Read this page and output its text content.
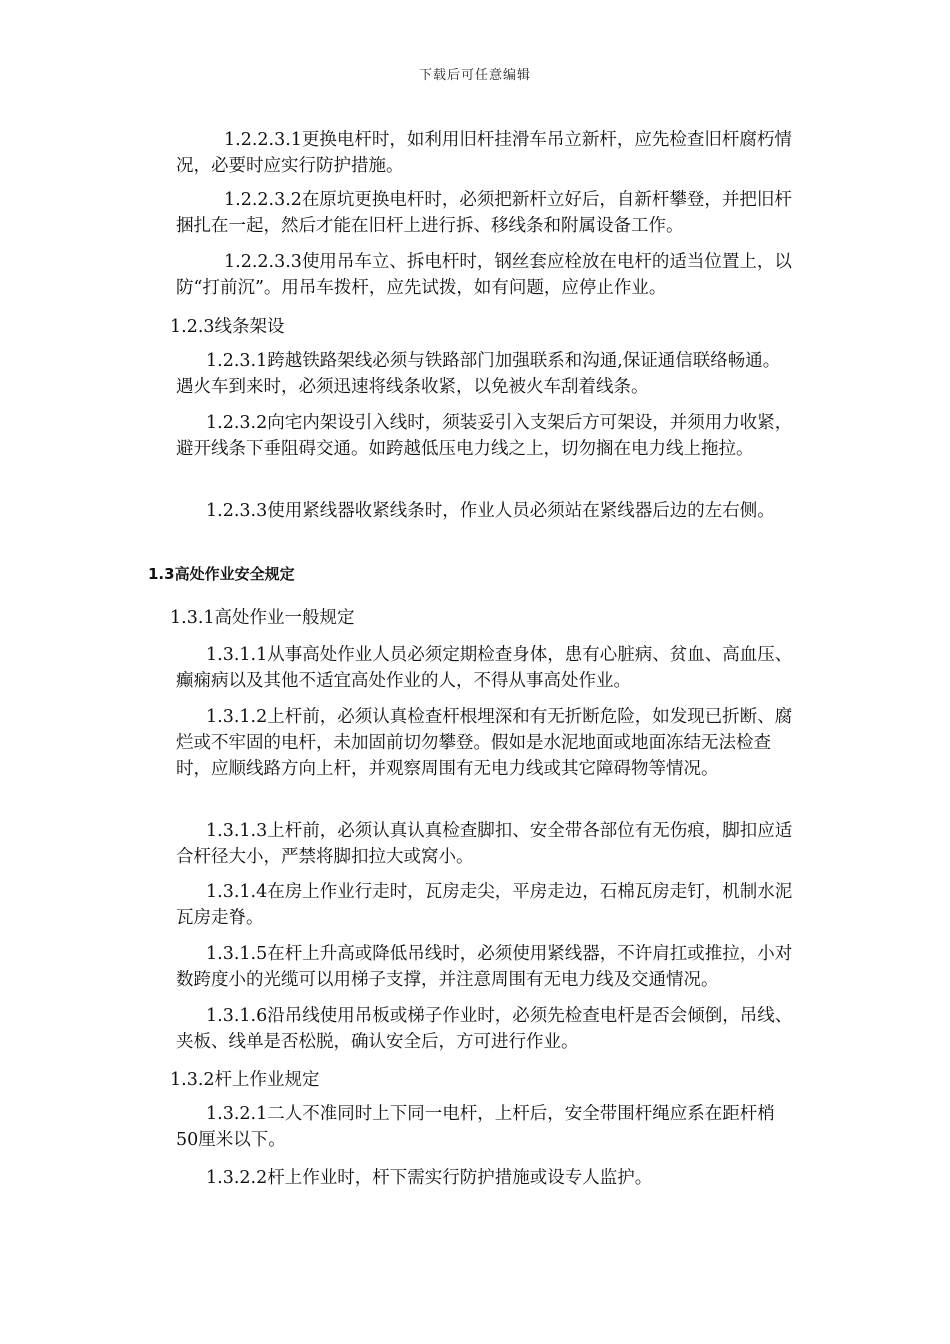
下载后可任意编辑
1.2.2.3.1更换电杆时，如利用旧杆挂滑车吊立新杆，应先检查旧杆腐朽情况，必要时应实行防护措施。
1.2.2.3.2在原坑更换电杆时，必须把新杆立好后，自新杆攀登，并把旧杆捆扎在一起，然后才能在旧杆上进行拆、移线条和附属设备工作。
1.2.2.3.3使用吊车立、拆电杆时，钢丝套应栓放在电杆的适当位置上，以防“打前沉”。用吊车拨杆，应先试拨，如有问题，应停止作业。
1.2.3线条架设
1.2.3.1跨越铁路架线必须与铁路部门加强联系和沟通,保证通信联络畅通。遇火车到来时，必须迅速将线条收紧，以免被火车刮着线条。
1.2.3.2向宅内架设引入线时，须装妥引入支架后方可架设，并须用力收紧，避开线条下垂阻碍交通。如跨越低压电力线之上，切勿搁在电力线上拖拉。
1.2.3.3使用紧线器收紧线条时，作业人员必须站在紧线器后边的左右侧。
1.3高处作业安全规定
1.3.1高处作业一般规定
1.3.1.1从事高处作业人员必须定期检查身体，患有心脏病、贫血、高血压、癫痫病以及其他不适宜高处作业的人，不得从事高处作业。
1.3.1.2上杆前，必须认真检查杆根埋深和有无折断危险，如发现已折断、腐烂或不牢固的电杆，未加固前切勿攀登。假如是水泥地面或地面冻结无法检查时，应顺线路方向上杆，并观察周围有无电力线或其它障碍物等情况。
1.3.1.3上杆前，必须认真认真检查脚扣、安全带各部位有无伤痕，脚扣应适合杆径大小，严禁将脚扣拉大或窝小。
1.3.1.4在房上作业行走时，瓦房走尖，平房走边，石棉瓦房走钉，机制水泥瓦房走脊。
1.3.1.5在杆上升高或降低吊线时，必须使用紧线器，不许肩扛或推拉，小对数跨度小的光缆可以用梯子支撑，并注意周围有无电力线及交通情况。
1.3.1.6沿吊线使用吊板或梯子作业时，必须先检查电杆是否会倾倒，吊线、夹板、线单是否松脱，确认安全后，方可进行作业。
1.3.2杆上作业规定
1.3.2.1二人不准同时上下同一电杆，上杆后，安全带围杆绳应系在距杆梢50厘米以下。
1.3.2.2杆上作业时，杆下需实行防护措施或设专人监护。
